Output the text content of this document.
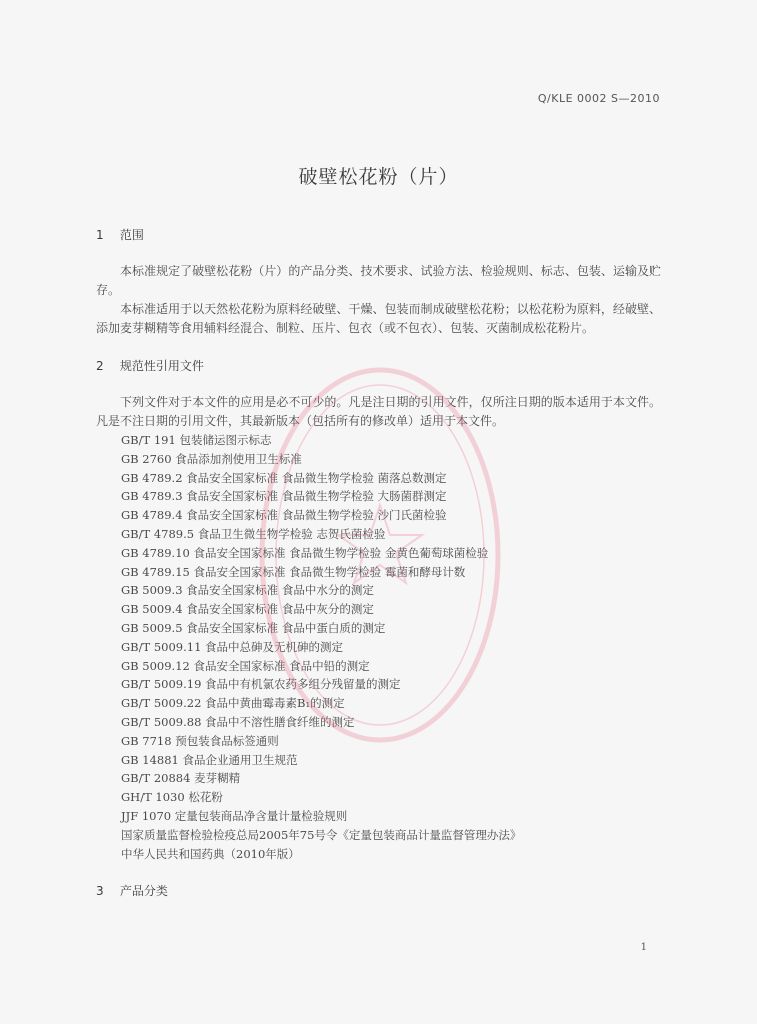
Q/KLE 0002 S—2010
破壁松花粉（片）
1 范围
本标准规定了破壁松花粉（片）的产品分类、技术要求、试验方法、检验规则、标志、包装、运输及贮存。
本标准适用于以天然松花粉为原料经破壁、干燥、包装而制成破壁松花粉；以松花粉为原料，经破壁、添加麦芽糊精等食用辅料经混合、制粒、压片、包衣（或不包衣）、包装、灭菌制成松花粉片。
2 规范性引用文件
下列文件对于本文件的应用是必不可少的。凡是注日期的引用文件，仅所注日期的版本适用于本文件。凡是不注日期的引用文件，其最新版本（包括所有的修改单）适用于本文件。
GB/T 191 包装储运图示标志
GB 2760 食品添加剂使用卫生标准
GB 4789.2 食品安全国家标准 食品微生物学检验 菌落总数测定
GB 4789.3 食品安全国家标准 食品微生物学检验 大肠菌群测定
GB 4789.4 食品安全国家标准 食品微生物学检验 沙门氏菌检验
GB/T 4789.5 食品卫生微生物学检验 志贺氏菌检验
GB 4789.10 食品安全国家标准 食品微生物学检验 金黄色葡萄球菌检验
GB 4789.15 食品安全国家标准 食品微生物学检验 霉菌和酵母计数
GB 5009.3 食品安全国家标准 食品中水分的测定
GB 5009.4 食品安全国家标准 食品中灰分的测定
GB 5009.5 食品安全国家标准 食品中蛋白质的测定
GB/T 5009.11 食品中总砷及无机砷的测定
GB 5009.12 食品安全国家标准 食品中铅的测定
GB/T 5009.19 食品中有机氯农药多组分残留量的测定
GB/T 5009.22 食品中黄曲霉毒素B₁的测定
GB/T 5009.88 食品中不溶性膳食纤维的测定
GB 7718 预包装食品标签通则
GB 14881 食品企业通用卫生规范
GB/T 20884 麦芽糊精
GH/T 1030 松花粉
JJF 1070 定量包装商品净含量计量检验规则
国家质量监督检验检疫总局2005年75号令《定量包装商品计量监督管理办法》
中华人民共和国药典（2010年版）
3 产品分类
1
